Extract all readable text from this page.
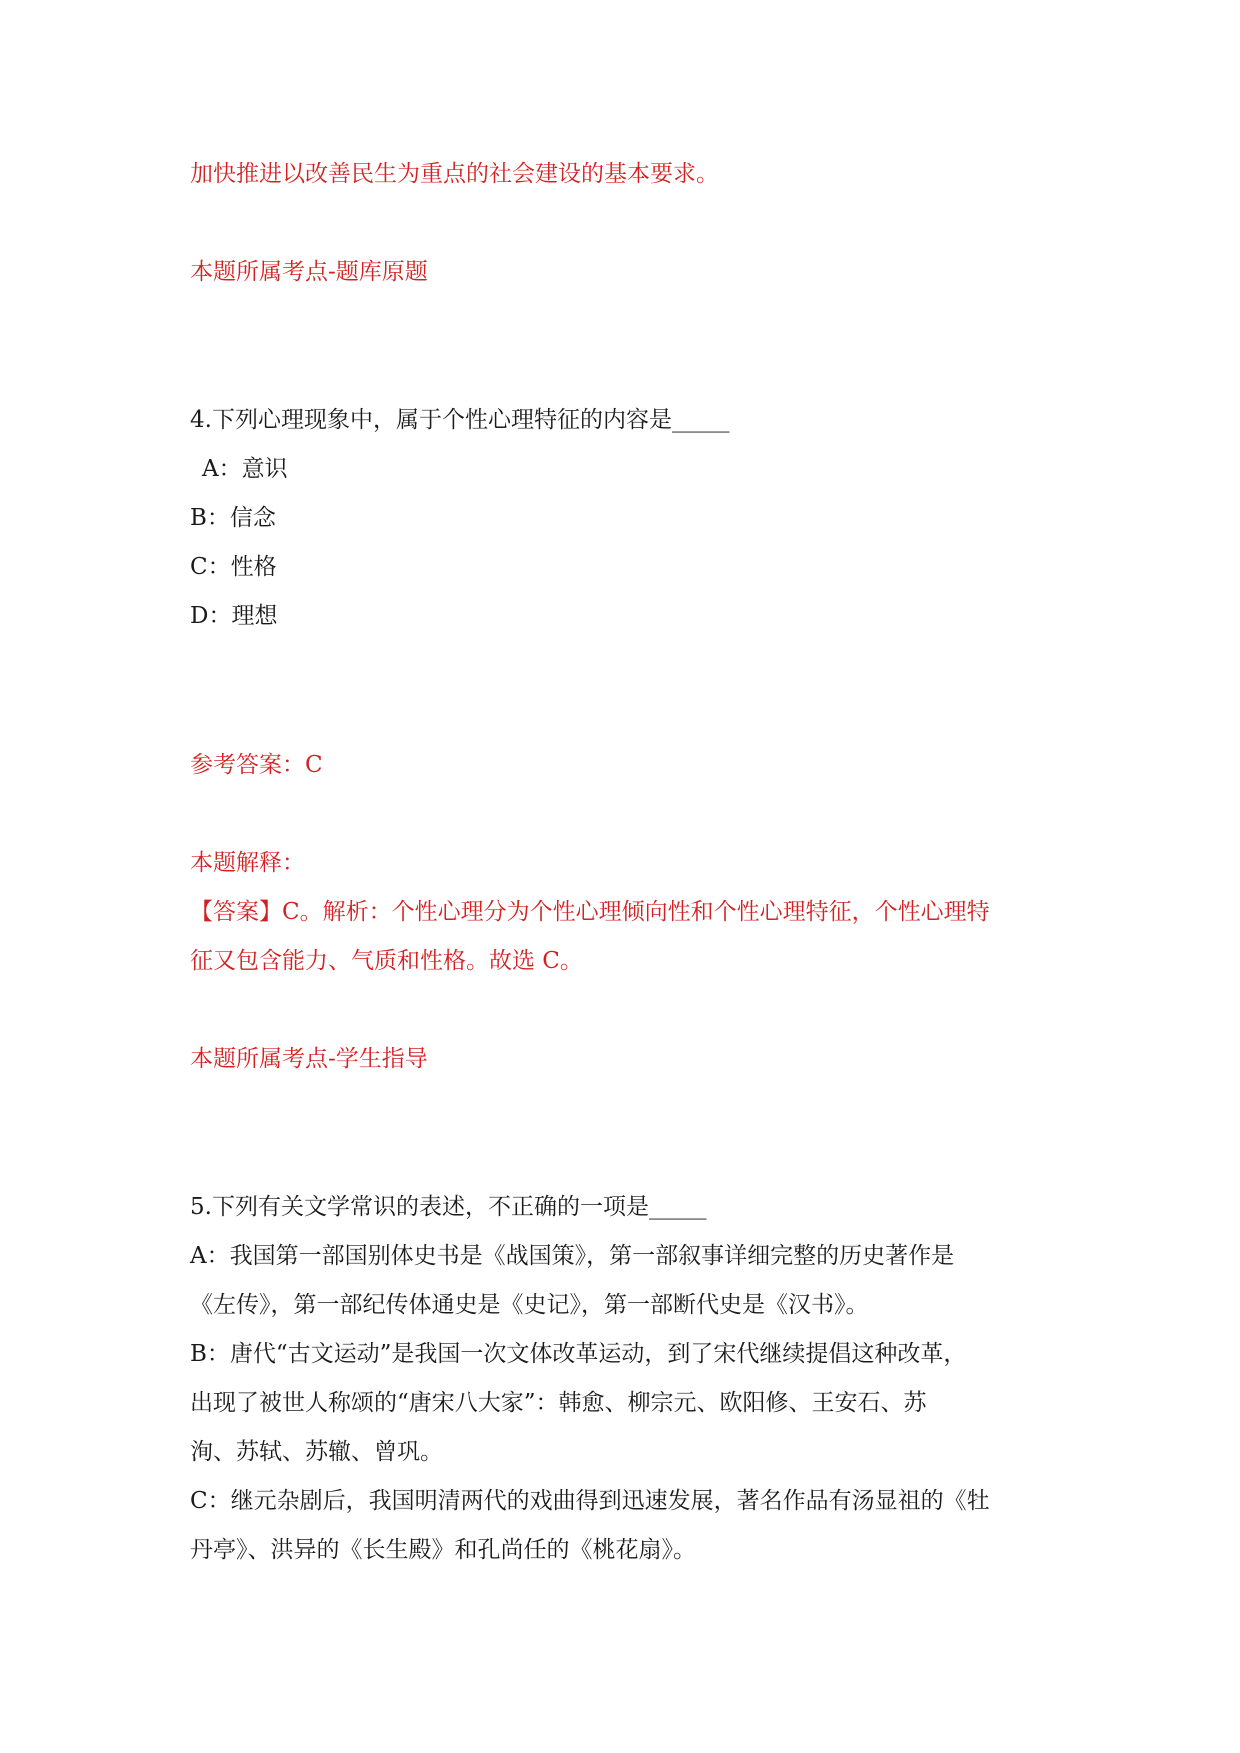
加快推进以改善民生为重点的社会建设的基本要求。
本题所属考点-题库原题
4.下列心理现象中，属于个性心理特征的内容是_____
A：意识
B：信念
C：性格
D：理想
参考答案：C
本题解释：
【答案】C。解析：个性心理分为个性心理倾向性和个性心理特征，个性心理特
征又包含能力、气质和性格。故选 C。
本题所属考点-学生指导
5.下列有关文学常识的表述，不正确的一项是_____
A：我国第一部国别体史书是《战国策》，第一部叙事详细完整的历史著作是
《左传》，第一部纪传体通史是《史记》，第一部断代史是《汉书》。
B：唐代“古文运动”是我国一次文体改革运动，到了宋代继续提倡这种改革，
出现了被世人称颂的“唐宋八大家”：韩愈、柳宗元、欧阳修、王安石、苏
洵、苏轼、苏辙、曾巩。
C：继元杂剧后，我国明清两代的戏曲得到迅速发展，著名作品有汤显祖的《牡
丹亭》、洪异的《长生殿》和孔尚任的《桃花扇》。
